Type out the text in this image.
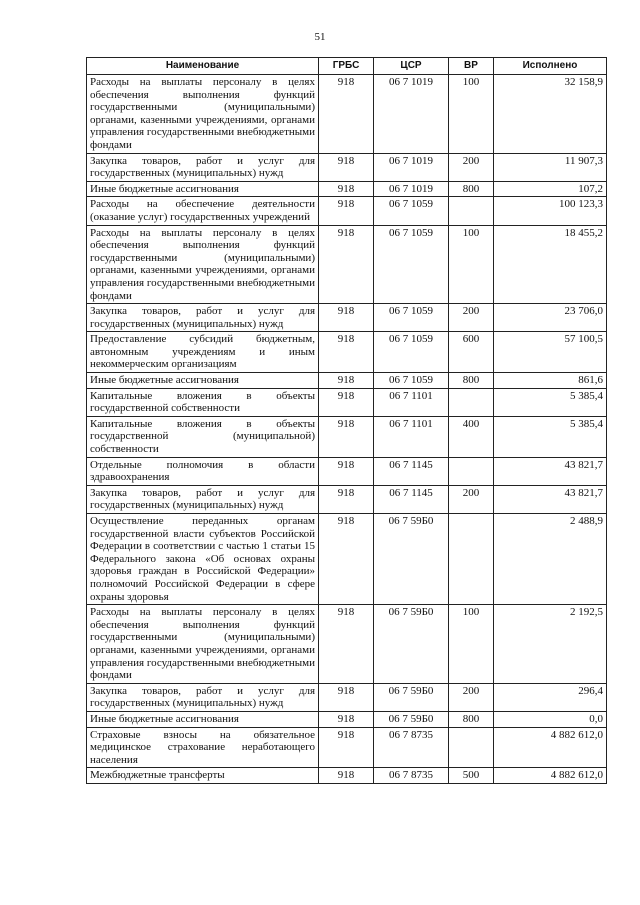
51
Наименование	ГРБС	ЦСР	ВР	Исполнено
Расходы на выплаты персоналу в целях обеспечения выполнения функций государственными (муниципальными) органами, казенными учреждениями, органами управления государственными внебюджетными фондами	918	06 7 1019	100	32 158,9
Закупка товаров, работ и услуг для государственных (муниципальных) нужд	918	06 7 1019	200	11 907,3
Иные бюджетные ассигнования	918	06 7 1019	800	107,2
Расходы на обеспечение деятельности (оказание услуг) государственных учреждений	918	06 7 1059		100 123,3
Расходы на выплаты персоналу в целях обеспечения выполнения функций государственными (муниципальными) органами, казенными учреждениями, органами управления государственными внебюджетными фондами	918	06 7 1059	100	18 455,2
Закупка товаров, работ и услуг для государственных (муниципальных) нужд	918	06 7 1059	200	23 706,0
Предоставление субсидий бюджетным, автономным учреждениям и иным некоммерческим организациям	918	06 7 1059	600	57 100,5
Иные бюджетные ассигнования	918	06 7 1059	800	861,6
Капитальные вложения в объекты государственной собственности	918	06 7 1101		5 385,4
Капитальные вложения в объекты государственной (муниципальной) собственности	918	06 7 1101	400	5 385,4
Отдельные полномочия в области здравоохранения	918	06 7 1145		43 821,7
Закупка товаров, работ и услуг для государственных (муниципальных) нужд	918	06 7 1145	200	43 821,7
Осуществление переданных органам государственной власти субъектов Российской Федерации в соответствии с частью 1 статьи 15 Федерального закона «Об основах охраны здоровья граждан в Российской Федерации» полномочий Российской Федерации в сфере охраны здоровья	918	06 7 59Б0		2 488,9
Расходы на выплаты персоналу в целях обеспечения выполнения функций государственными (муниципальными) органами, казенными учреждениями, органами управления государственными внебюджетными фондами	918	06 7 59Б0	100	2 192,5
Закупка товаров, работ и услуг для государственных (муниципальных) нужд	918	06 7 59Б0	200	296,4
Иные бюджетные ассигнования	918	06 7 59Б0	800	0,0
Страховые взносы на обязательное медицинское страхование неработающего населения	918	06 7 8735		4 882 612,0
Межбюджетные трансферты	918	06 7 8735	500	4 882 612,0
